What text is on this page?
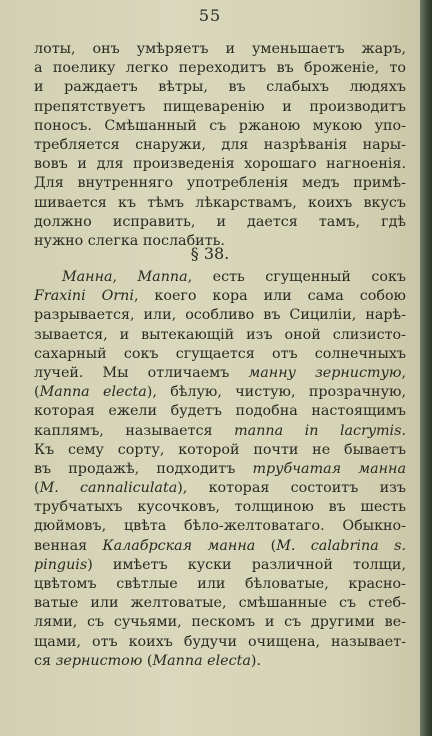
55
лоты, онъ умѣряетъ и уменьшаетъ жаръ,
а поелику легко переходитъ въ броженіе, то
и раждаетъ вѣтры, въ слабыхъ людяхъ
препятствуетъ пищеваренію и производитъ
поносъ. Смѣшанный съ ржаною мукою упо-
требляется снаружи, для назрѣванія нары-
вовъ и для произведенія хорошаго нагноенія.
Для внутренняго употребленія медъ примѣ-
шивается къ тѣмъ лѣкарствамъ, коихъ вкусъ
должно исправить, и дается тамъ, гдѣ
нужно слегка послабить.
§ 38.
Манна, Manna, есть сгущенный сокъ
Fraxini Orni, коего кора или сама собою
разрывается, или, особливо въ Сициліи, нарѣ-
зывается, и вытекающій изъ оной слизисто-
сахарный сокъ сгущается отъ солнечныхъ
лучей. Мы отличаемъ манну зернистую,
(Manna electa), бѣлую, чистую, прозрачную,
которая ежели будетъ подобна настоящимъ
каплямъ, называется manna in lacrymis.
Къ сему сорту, которой почти не бываетъ
въ продажѣ, подходитъ трубчатая манна
(M. cannaliculata), которая состоитъ изъ
трубчатыхъ кусочковъ, толщиною въ шесть
дюймовъ, цвѣта бѣло-желтоватаго. Обыкно-
венная Калабрская манна (M. calabrina s.
pinguis) имѣетъ куски различной толщи,
цвѣтомъ свѣтлые или бѣловатые, красно-
ватые или желтоватые, смѣшанные съ стеб-
лями, съ сучьями, пескомъ и съ другими ве-
щами, отъ коихъ будучи очищена, называет-
ся зернистою (Manna electa).
